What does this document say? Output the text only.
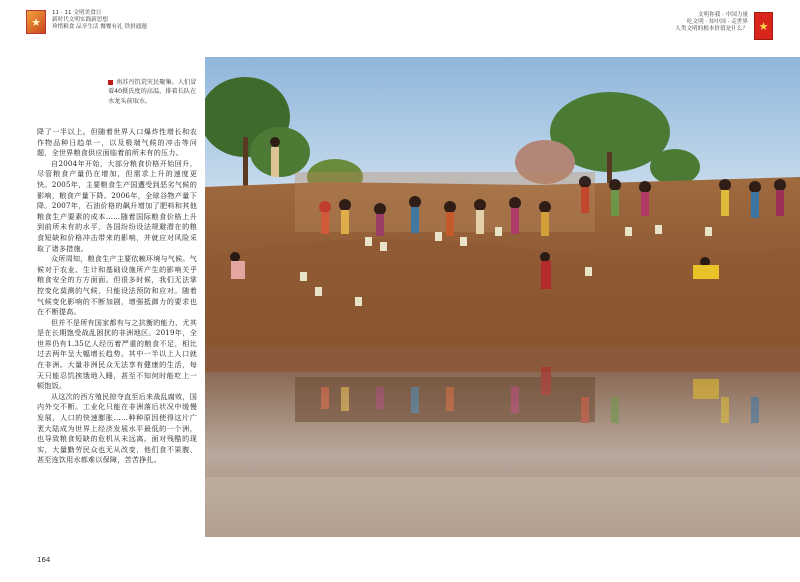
★
11 · 11 文明美食日
新时代文明实践新思想
珍惜粮食 品享生活 餐餐有礼 铁拼通题
文明你我 · 中国力量
吃文明 · 知中国 · 走世界
人类文明的根本价值是什么？ ★
南苏丹饥荒灾民聚集。人们冒着40摄氏度的高温，排着长队在水龙头前取水。

降了一半以上。但随着世界人口爆炸性增长和农作物品种日趋单一，以及极端气候的冲击等问题，全世界粮食供应面临着前所未有的压力。

自2004年开始，大部分粮食价格开始回升，尽管粮食产量仍在增加，但需求上升的速度更快。2005年，主要粮食生产国遭受到恶劣气候的影响，粮食产量下降。2006年，全球谷物产量下降。2007年，石油价格的飙升增加了肥料和其他粮食生产要素的成本……随着国际粮食价格上升到前所未有的水平，各国纷纷设法规避潜在的粮食短缺和价格冲击带来的影响，并就应对风险采取了诸多措施。

众所周知，粮食生产主要依赖环境与气候。气候对于农业、生计和基础设施所产生的影响关乎粮食安全的方方面面。但很多时候，我们无法掌控变化莫测的气候，只能设法预防和应对。随着气候变化影响的不断加剧，增强抵御力的要求也在不断提高。

但并不是所有国家都有与之抗衡的能力，尤其是在长期饱受战乱困扰的非洲地区。2019年，全世界仍有1.35亿人经历着严重的粮食不足，相比过去两年呈大幅增长趋势。其中一半以上人口就在非洲。大量非洲民众无法享有健康的生活，每天只能忍饥挨饿地入睡，甚至不知何时能吃上一顿饱饭。

从这次的西方殖民掠夺直至后来战乱腐败，国内外交不断。工业化只能在非洲落后状况中缓慢发展，人口的快速膨胀……种种原因使得这片广袤大陆成为世界上经济发展水平最低的一个洲，也导致粮食短缺的危机从未远离。面对残酷的现实，大量勤劳民众也无从改变，他们食不果腹、甚至连饮用水都难以保障，苦苦挣扎。

164
